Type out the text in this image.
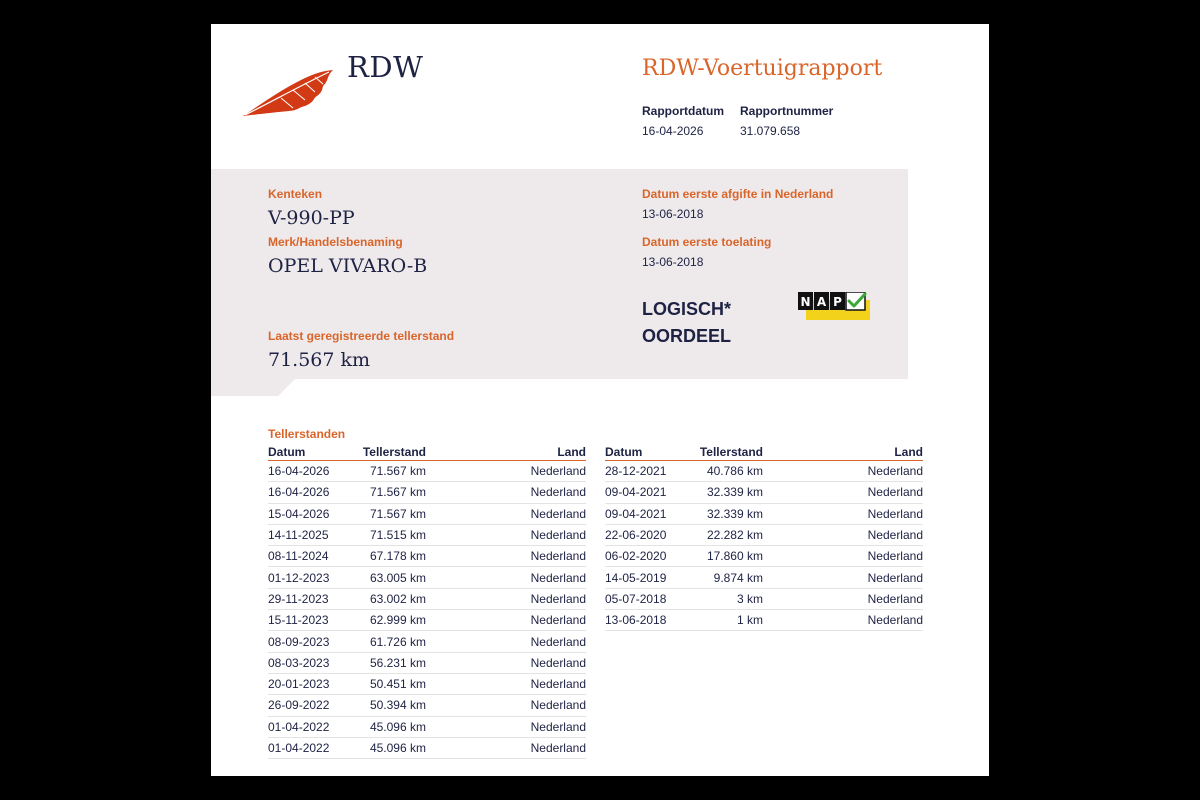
RDW	RDW-Voertuigrapport
Rapportdatum
16-04-2026
Rapportnummer
31.079.658
Kenteken
V-990-PP
Merk/Handelsbenaming
OPEL VIVARO-B
Laatst geregistreerde tellerstand
71.567 km
Datum eerste afgifte in Nederland
13-06-2018
Datum eerste toelating
13-06-2018
LOGISCH*
OORDEEL
N A P
Tellerstanden
Datum	Tellerstand	Land
16-04-2026	71.567 km	Nederland
16-04-2026	71.567 km	Nederland
15-04-2026	71.567 km	Nederland
14-11-2025	71.515 km	Nederland
08-11-2024	67.178 km	Nederland
01-12-2023	63.005 km	Nederland
29-11-2023	63.002 km	Nederland
15-11-2023	62.999 km	Nederland
08-09-2023	61.726 km	Nederland
08-03-2023	56.231 km	Nederland
20-01-2023	50.451 km	Nederland
26-09-2022	50.394 km	Nederland
01-04-2022	45.096 km	Nederland
01-04-2022	45.096 km	Nederland
Datum	Tellerstand	Land
28-12-2021	40.786 km	Nederland
09-04-2021	32.339 km	Nederland
09-04-2021	32.339 km	Nederland
22-06-2020	22.282 km	Nederland
06-02-2020	17.860 km	Nederland
14-05-2019	9.874 km	Nederland
05-07-2018	3 km	Nederland
13-06-2018	1 km	Nederland
